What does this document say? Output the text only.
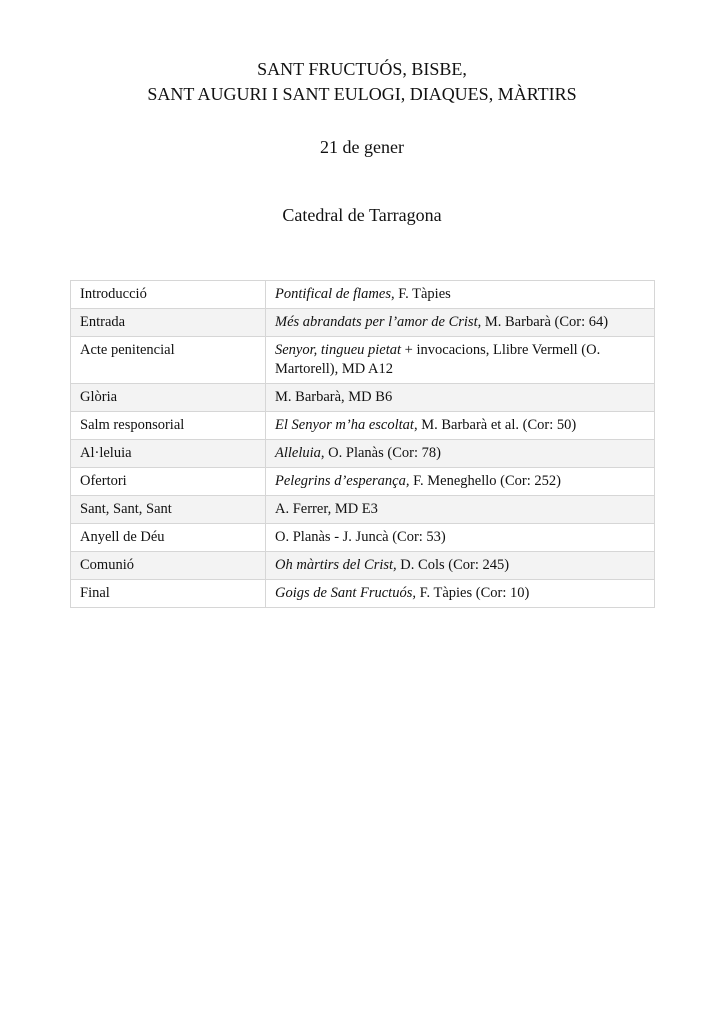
SANT FRUCTUÓS, BISBE,
SANT AUGURI I SANT EULOGI, DIAQUES, MÀRTIRS
21 de gener
Catedral de Tarragona
Introducció	Pontifical de flames, F. Tàpies
Entrada	Més abrandats per l’amor de Crist, M. Barbarà (Cor: 64)
Acte penitencial	Senyor, tingueu pietat + invocacions, Llibre Vermell (O. Martorell), MD A12
Glòria	M. Barbarà, MD B6
Salm responsorial	El Senyor m’ha escoltat, M. Barbarà et al. (Cor: 50)
Al·leluia	Alleluia, O. Planàs (Cor: 78)
Ofertori	Pelegrins d’esperança, F. Meneghello (Cor: 252)
Sant, Sant, Sant	A. Ferrer, MD E3
Anyell de Déu	O. Planàs - J. Juncà (Cor: 53)
Comunió	Oh màrtirs del Crist, D. Cols (Cor: 245)
Final	Goigs de Sant Fructuós, F. Tàpies (Cor: 10)
